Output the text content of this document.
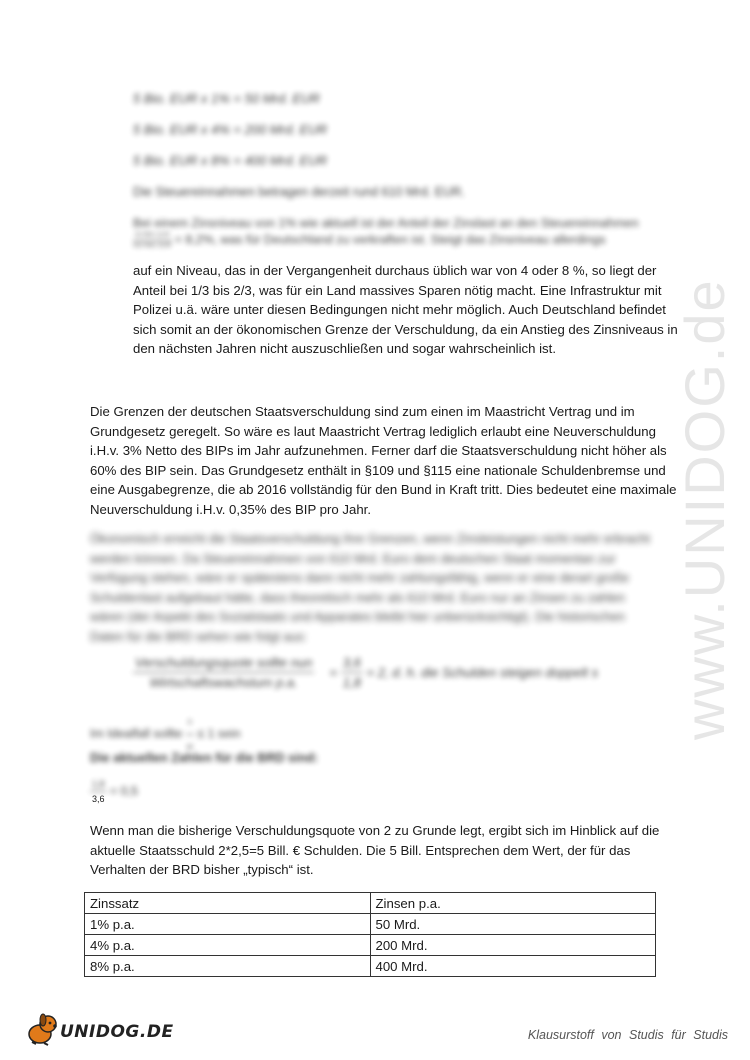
5 Bio. EUR x 1% = 50 Mrd. EUR
5 Bio. EUR x 4% = 200 Mrd. EUR
5 Bio. EUR x 8% = 400 Mrd. EUR
Die Steuereinnahmen betragen derzeit rund 610 Mrd. EUR.
Bei einem Zinsniveau von 1% wie aktuell ist der Anteil der Zinslast an den Steuereinnahmen
$\frac{\text{50 Mrd. EUR}}{\text{610 Mrd. EUR}} = 8,2\%$, was für Deutschland zu verkraften ist. Steigt das Zinsniveau allerdings
auf ein Niveau, das in der Vergangenheit durchaus üblich war von 4 oder 8 %, so liegt der
Anteil bei 1/3 bis 2/3, was für ein Land massives Sparen nötig macht. Eine Infrastruktur mit
Polizei u.ä. wäre unter diesen Bedingungen nicht mehr möglich. Auch Deutschland befindet
sich somit an der ökonomischen Grenze der Verschuldung, da ein Anstieg des Zinsniveaus in
den nächsten Jahren nicht auszuschließen und sogar wahrscheinlich ist.
Die Grenzen der deutschen Staatsverschuldung sind zum einen im Maastricht Vertrag und im
Grundgesetz geregelt. So wäre es laut Maastricht Vertrag lediglich erlaubt eine Neuverschuldung
i.H.v. 3% Netto des BIPs im Jahr aufzunehmen. Ferner darf die Staatsverschuldung nicht höher als
60% des BIP sein. Das Grundgesetz enthält in §109 und §115 eine nationale Schuldenbremse und
eine Ausgabegrenze, die ab 2016 vollständig für den Bund in Kraft tritt. Dies bedeutet eine maximale
Neuverschuldung i.H.v. 0,35% des BIP pro Jahr.
Ökonomisch erreicht die Staatsverschuldung ihre Grenzen, wenn Zinsleistungen nicht mehr erbracht
werden können. Da Steuereinnahmen von 610 Mrd. Euro dem deutschen Staat momentan zur
Verfügung stehen, wäre er spätestens dann nicht mehr zahlungsfähig, wenn er eine derart große
Schuldenlast aufgebaut hätte, dass theoretisch mehr als 610 Mrd. Euro nur an Zinsen zu zahlen
wären (der Aspekt des Sozialstaats und Apparates bleibt hier unberücksichtigt). Die historischen
Daten für die BRD sehen wie folgt aus:
$\frac{\text{Verschuldungsquote sollte nun}}{\text{Wirtschaftswachstum p.a.}} = \frac{3,6}{1,8} = 2$, d. h. die Schulden steigen doppelt s
Im Idealfall sollte $\frac{s}{w} \le 1$ sein
Die aktuellen Zahlen für die BRD sind:
$\frac{1,8}{3,6} = 0,5$
Wenn man die bisherige Verschuldungsquote von 2 zu Grunde legt, ergibt sich im Hinblick auf die
aktuelle Staatsschuld 2*2,5=5 Bill. € Schulden. Die 5 Bill. Entsprechen dem Wert, der für das
Verhalten der BRD bisher „typisch“ ist.
Zinssatz	Zinsen p.a.
1% p.a.	50 Mrd.
4% p.a.	200 Mrd.
8% p.a.	400 Mrd.
www.UNIDOG.de
UNIDOG.DE	Klausurstoff von Studis für Studis
